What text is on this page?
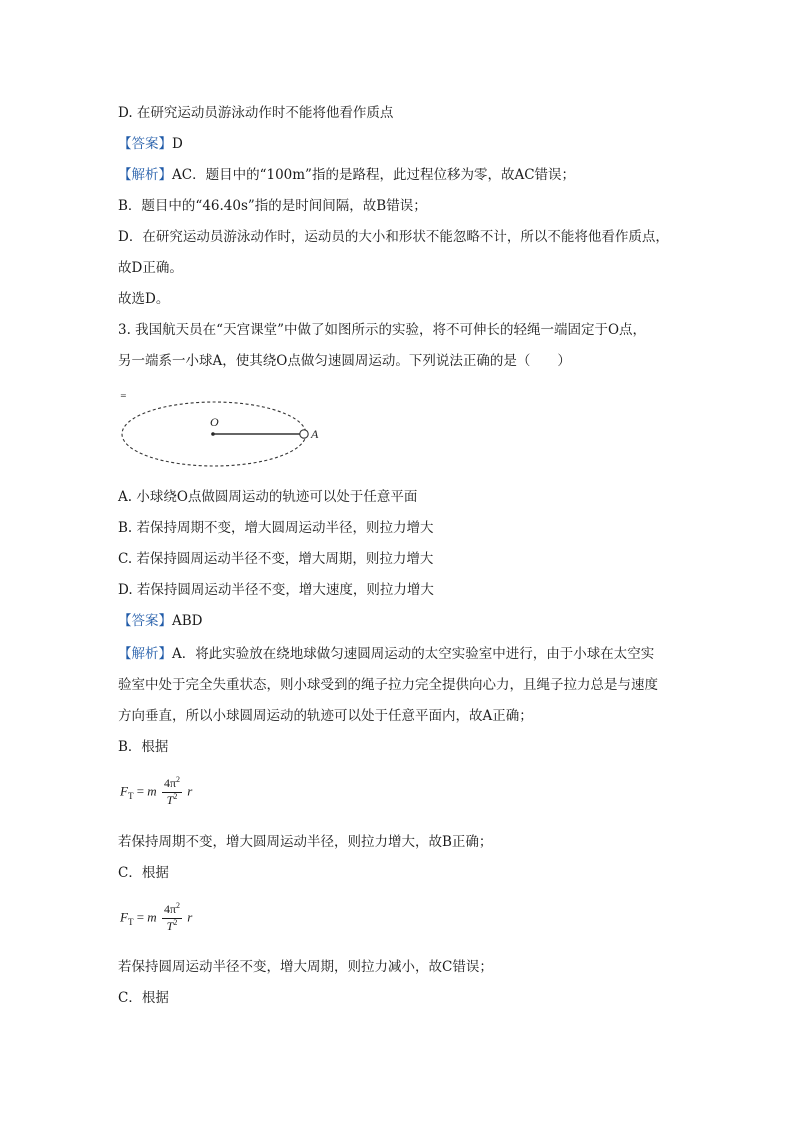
D. 在研究运动员游泳动作时不能将他看作质点
【答案】D
【解析】AC．题目中的“100m”指的是路程，此过程位移为零，故AC错误；
B．题目中的“46.40s”指的是时间间隔，故B错误；
D．在研究运动员游泳动作时，运动员的大小和形状不能忽略不计，所以不能将他看作质点，
故D正确。
故选D。
3. 我国航天员在“天宫课堂”中做了如图所示的实验，将不可伸长的轻绳一端固定于O点，
另一端系一小球A，使其绕O点做匀速圆周运动。下列说法正确的是（　　）
=
O
A
A. 小球绕O点做圆周运动的轨迹可以处于任意平面
B. 若保持周期不变，增大圆周运动半径，则拉力增大
C. 若保持圆周运动半径不变，增大周期，则拉力增大
D. 若保持圆周运动半径不变，增大速度，则拉力增大
【答案】ABD
【解析】A．将此实验放在绕地球做匀速圆周运动的太空实验室中进行，由于小球在太空实
验室中处于完全失重状态，则小球受到的绳子拉力完全提供向心力，且绳子拉力总是与速度
方向垂直，所以小球圆周运动的轨迹可以处于任意平面内，故A正确；
B．根据
$F_T = m \frac{4\pi^2}{T^2}$ r
若保持周期不变，增大圆周运动半径，则拉力增大，故B正确；
C．根据
$F_T = m \frac{4\pi^2}{T^2}$ r
若保持圆周运动半径不变，增大周期，则拉力减小，故C错误；
C．根据
